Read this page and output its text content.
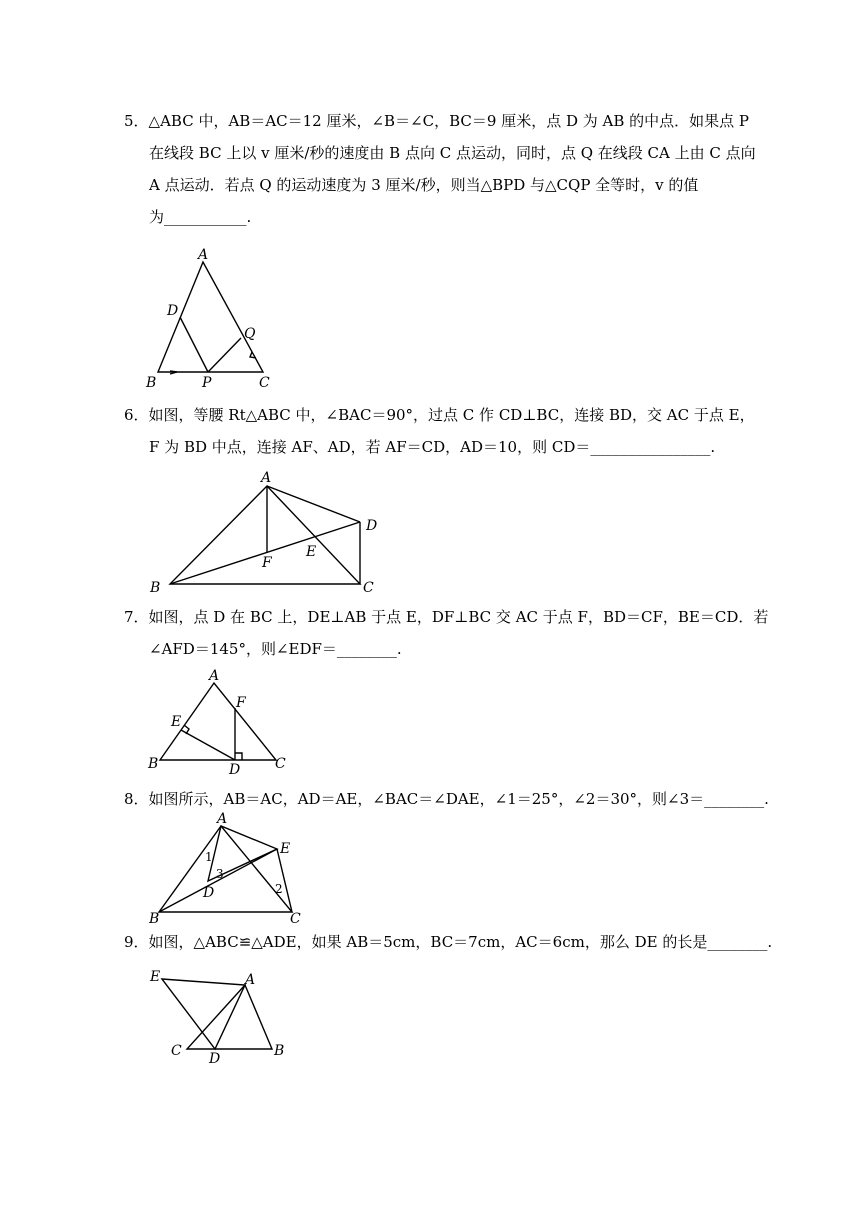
5．△ABC 中，AB＝AC＝12 厘米，∠B＝∠C，BC＝9 厘米，点 D 为 AB 的中点．如果点 P
在线段 BC 上以 v 厘米/秒的速度由 B 点向 C 点运动，同时，点 Q 在线段 CA 上由 C 点向
A 点运动．若点 Q 的运动速度为 3 厘米/秒，则当△BPD 与△CQP 全等时，v 的值
为___________.
A
D
Q
B	P	C
6．如图，等腰 Rt△ABC 中，∠BAC＝90°，过点 C 作 CD⊥BC，连接 BD，交 AC 于点 E，
F 为 BD 中点，连接 AF、AD，若 AF＝CD，AD＝10，则 CD＝________________.
A
D
E
F
B	C
7．如图，点 D 在 BC 上，DE⊥AB 于点 E，DF⊥BC 交 AC 于点 F，BD＝CF，BE＝CD．若
∠AFD＝145°，则∠EDF＝________.
A
F
E
B	D C
8．如图所示，AB＝AC，AD＝AE，∠BAC＝∠DAE，∠1＝25°，∠2＝30°，则∠3＝________.
A
E
D
B	C
1
2
3
9．如图，△ABC≌△ADE，如果 AB＝5cm，BC＝7cm，AC＝6cm，那么 DE 的长是________.
E	A
C D	B
